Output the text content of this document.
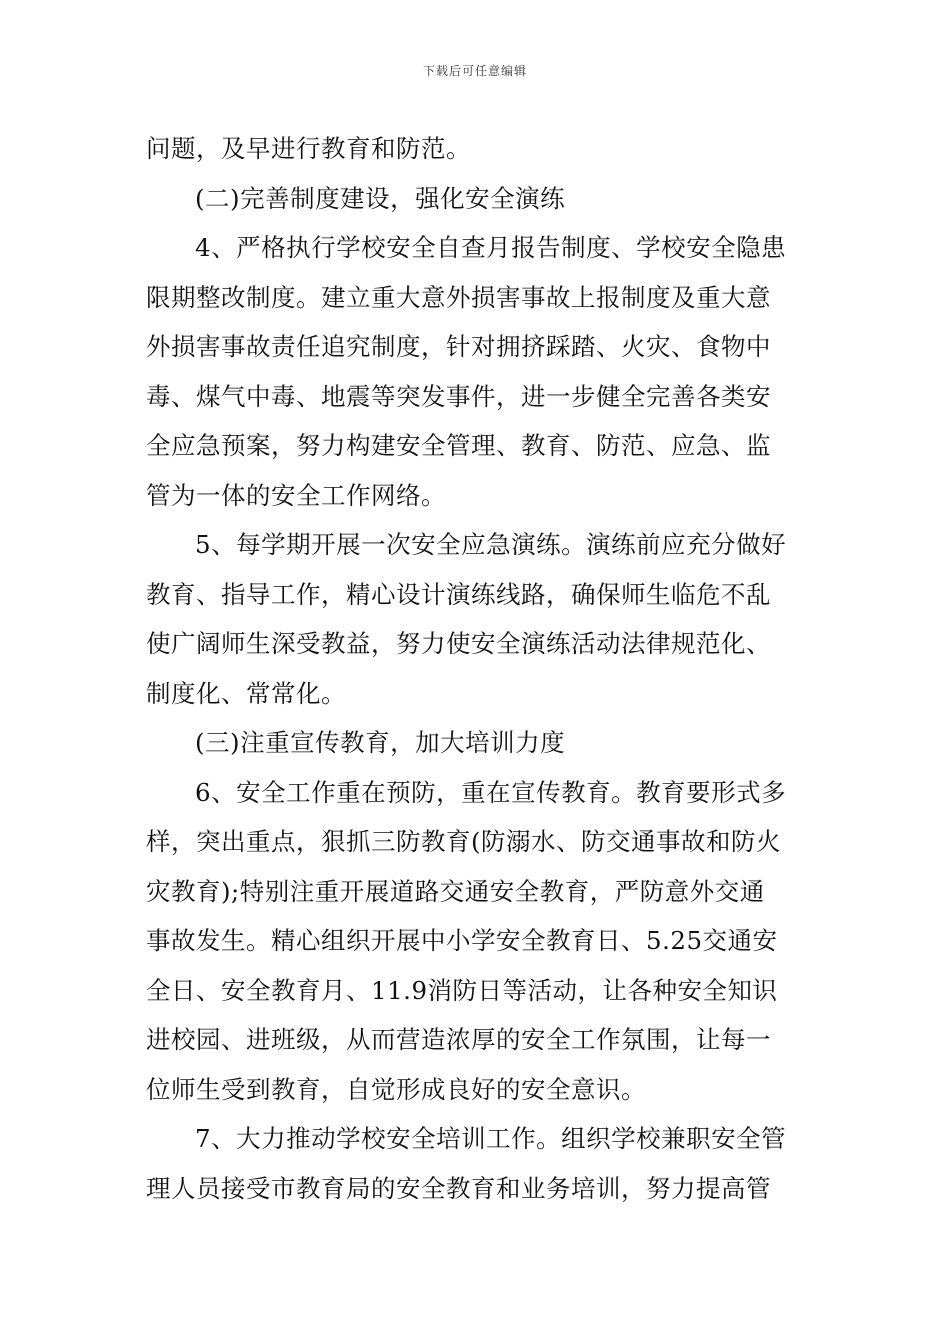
下载后可任意编辑
问题，及早进行教育和防范。
(二)完善制度建设，强化安全演练
4、严格执行学校安全自查月报告制度、学校安全隐患
限期整改制度。建立重大意外损害事故上报制度及重大意
外损害事故责任追究制度，针对拥挤踩踏、火灾、食物中
毒、煤气中毒、地震等突发事件，进一步健全完善各类安
全应急预案，努力构建安全管理、教育、防范、应急、监
管为一体的安全工作网络。
5、每学期开展一次安全应急演练。演练前应充分做好
教育、指导工作，精心设计演练线路，确保师生临危不乱
使广阔师生深受教益，努力使安全演练活动法律规范化、
制度化、常常化。
(三)注重宣传教育，加大培训力度
6、安全工作重在预防，重在宣传教育。教育要形式多
样，突出重点，狠抓三防教育(防溺水、防交通事故和防火
灾教育);特别注重开展道路交通安全教育，严防意外交通
事故发生。精心组织开展中小学安全教育日、5.25交通安
全日、安全教育月、11.9消防日等活动，让各种安全知识
进校园、进班级，从而营造浓厚的安全工作氛围，让每一
位师生受到教育，自觉形成良好的安全意识。
7、大力推动学校安全培训工作。组织学校兼职安全管
理人员接受市教育局的安全教育和业务培训，努力提高管
